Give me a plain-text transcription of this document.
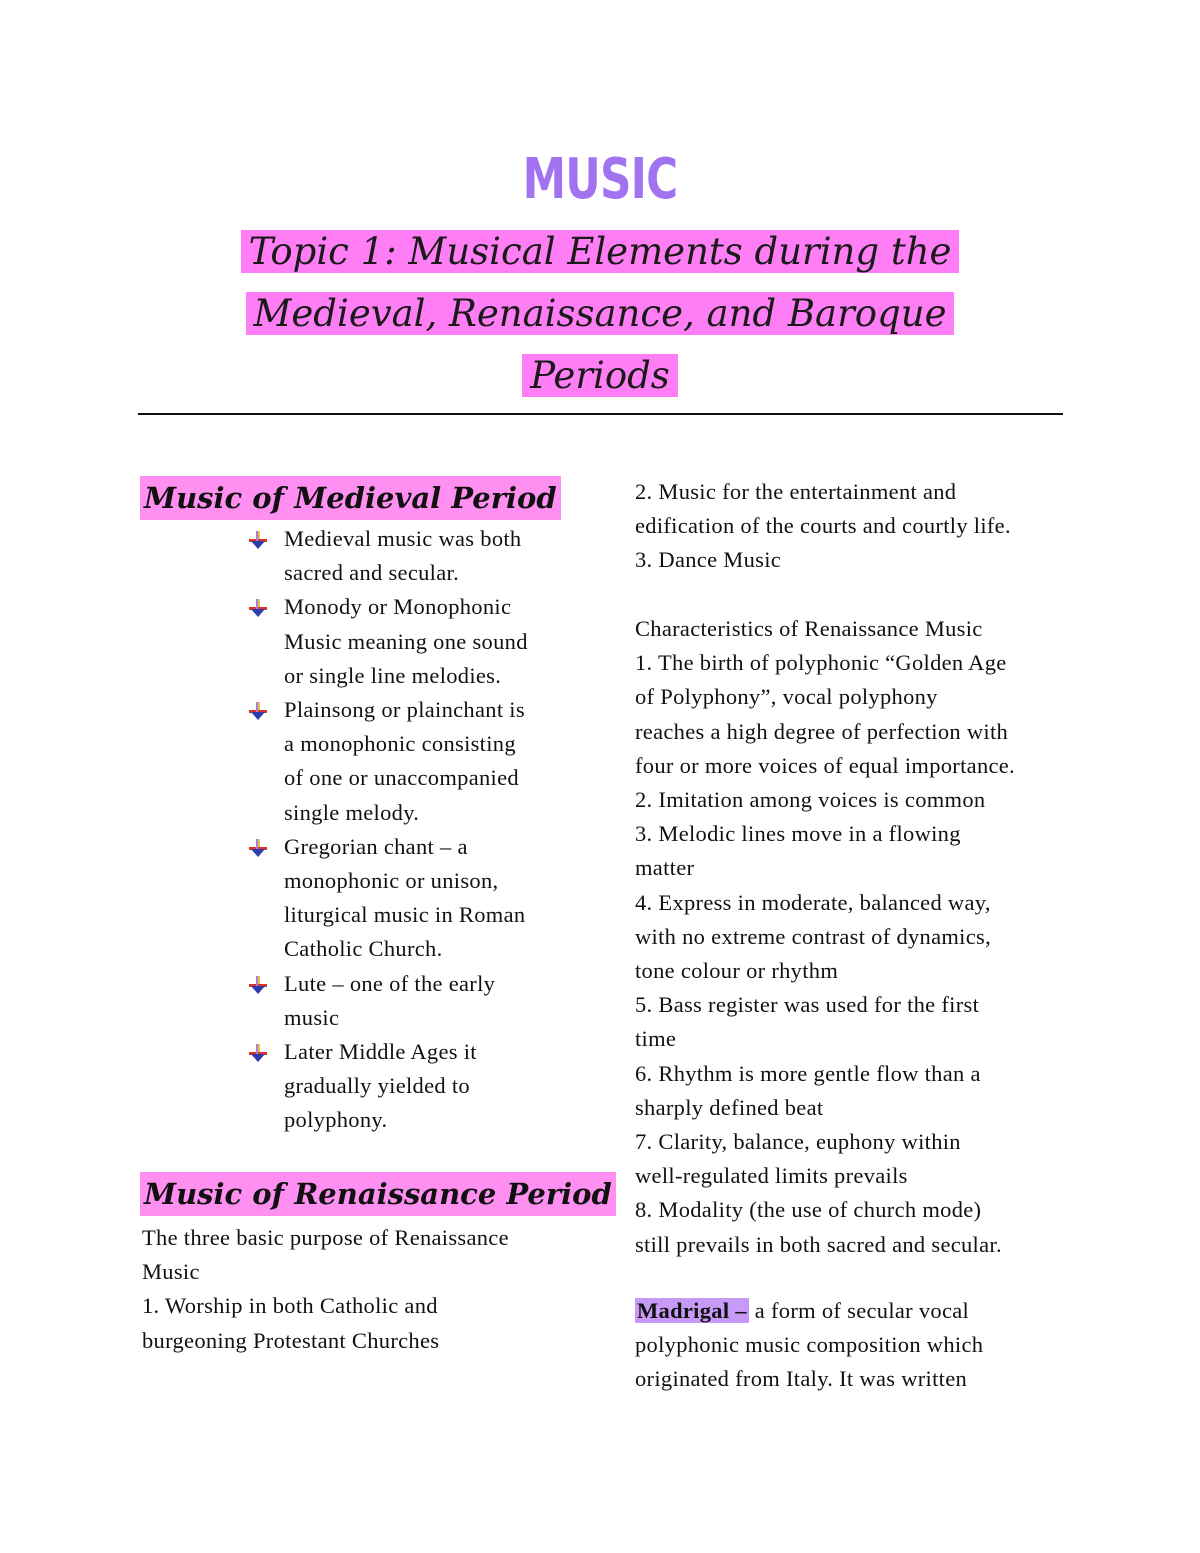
MUSIC
Topic 1: Musical Elements during the
Medieval, Renaissance, and Baroque
Periods
Music of Medieval Period
Medieval music was both
sacred and secular.
Monody or Monophonic
Music meaning one sound
or single line melodies.
Plainsong or plainchant is
a monophonic consisting
of one or unaccompanied
single melody.
Gregorian chant – a
monophonic or unison,
liturgical music in Roman
Catholic Church.
Lute – one of the early
music
Later Middle Ages it
gradually yielded to
polyphony.
Music of Renaissance Period
The three basic purpose of Renaissance
Music
1. Worship in both Catholic and
burgeoning Protestant Churches
2. Music for the entertainment and
edification of the courts and courtly life.
3. Dance Music
Characteristics of Renaissance Music
1. The birth of polyphonic “Golden Age
of Polyphony”, vocal polyphony
reaches a high degree of perfection with
four or more voices of equal importance.
2. Imitation among voices is common
3. Melodic lines move in a flowing
matter
4. Express in moderate, balanced way,
with no extreme contrast of dynamics,
tone colour or rhythm
5. Bass register was used for the first
time
6. Rhythm is more gentle flow than a
sharply defined beat
7. Clarity, balance, euphony within
well-regulated limits prevails
8. Modality (the use of church mode)
still prevails in both sacred and secular.
Madrigal – a form of secular vocal
polyphonic music composition which
originated from Italy. It was written
